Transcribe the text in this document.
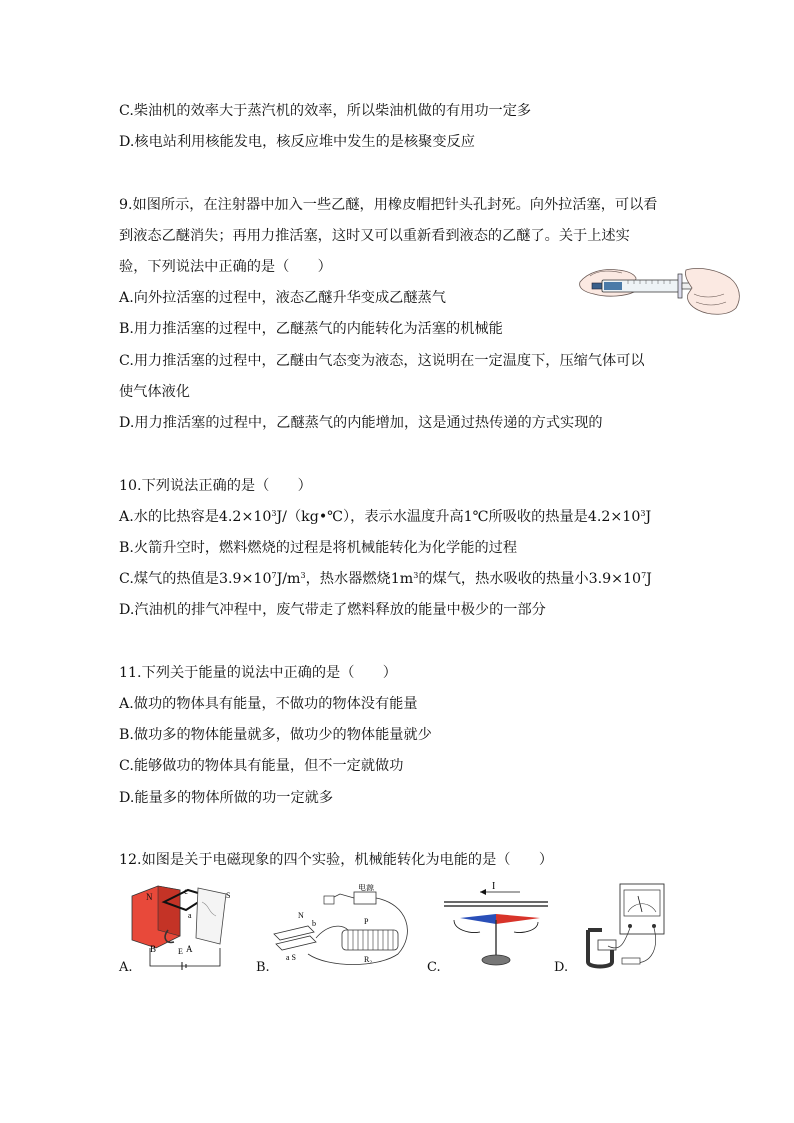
C.柴油机的效率大于蒸汽机的效率，所以柴油机做的有用功一定多
D.核电站利用核能发电，核反应堆中发生的是核聚变反应
9.如图所示，在注射器中加入一些乙醚，用橡皮帽把针头孔封死。向外拉活塞，可以看
到液态乙醚消失；再用力推活塞，这时又可以重新看到液态的乙醚了。关于上述实
验，下列说法中正确的是（　　）
A.向外拉活塞的过程中，液态乙醚升华变成乙醚蒸气
B.用力推活塞的过程中，乙醚蒸气的内能转化为活塞的机械能
C.用力推活塞的过程中，乙醚由气态变为液态，这说明在一定温度下，压缩气体可以
使气体液化
D.用力推活塞的过程中，乙醚蒸气的内能增加，这是通过热传递的方式实现的
10.下列说法正确的是（　　）
A.水的比热容是$4.2\times 10^3J/(kg•℃)$，表示水温度升高1℃所吸收的热量是$4.2\times 10^3J$
B.火箭升空时，燃料燃烧的过程是将机械能转化为化学能的过程
C.煤气的热值是$3.9\times 10^7J/m^3$，热水器燃烧$1m^3$的煤气，热水吸收的热量小$3.9\times 10^7J$
D.汽油机的排气冲程中，废气带走了燃料释放的能量中极少的一部分
11.下列关于能量的说法中正确的是（　　）
A.做功的物体具有能量，不做功的物体没有能量
B.做功多的物体能量就多，做功少的物体能量就少
C.能够做功的物体具有能量，但不一定就做功
D.能量多的物体所做的功一定就多
12.如图是关于电磁现象的四个实验，机械能转化为电能的是（　　）
N
c	S
a
B	E A
A.
电源
N
b
a S
P
R₂
B.
I
C.	D.
